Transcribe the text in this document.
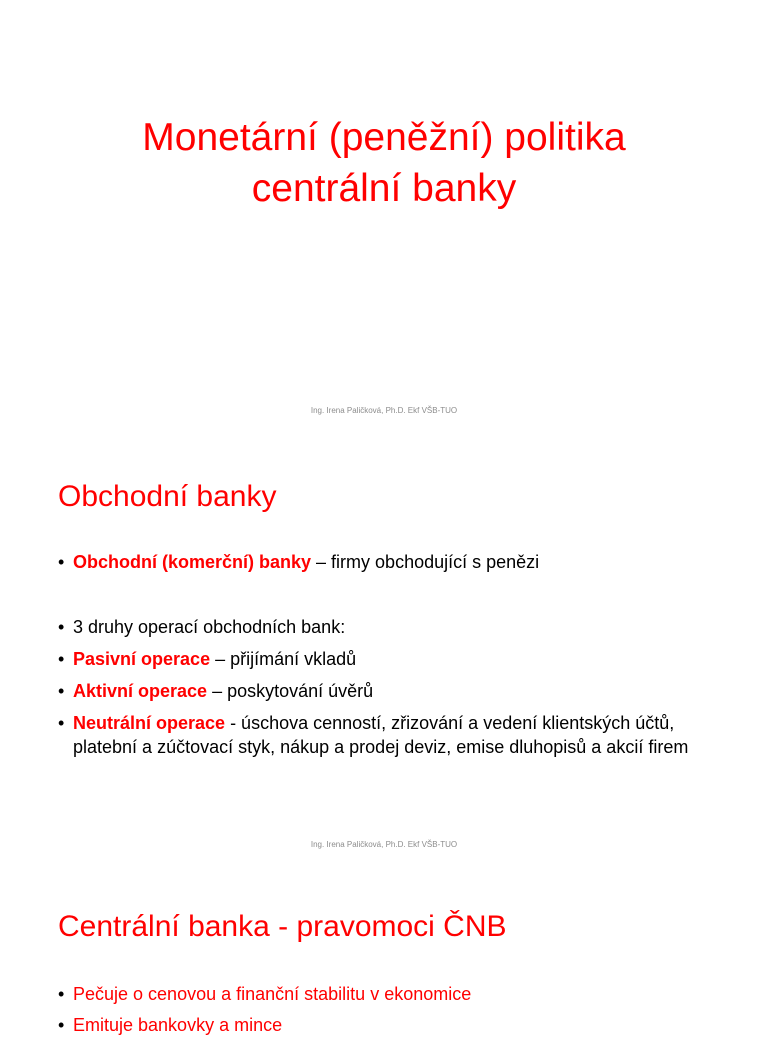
Monetární (peněžní) politika
centrální banky
Ing. Irena Paličková, Ph.D. Ekf VŠB-TUO
Obchodní banky
• Obchodní (komerční) banky – firmy obchodující s penězi
• 3 druhy operací obchodních bank:
• Pasivní operace – přijímání vkladů
• Aktivní operace – poskytování úvěrů
• Neutrální operace - úschova cenností, zřizování a vedení klientských účtů, platební a zúčtovací styk, nákup a prodej deviz, emise dluhopisů a akcií firem
Ing. Irena Paličková, Ph.D. Ekf VŠB-TUO
Centrální banka - pravomoci ČNB
• Pečuje o cenovou a finanční stabilitu v ekonomice
• Emituje bankovky a mince
